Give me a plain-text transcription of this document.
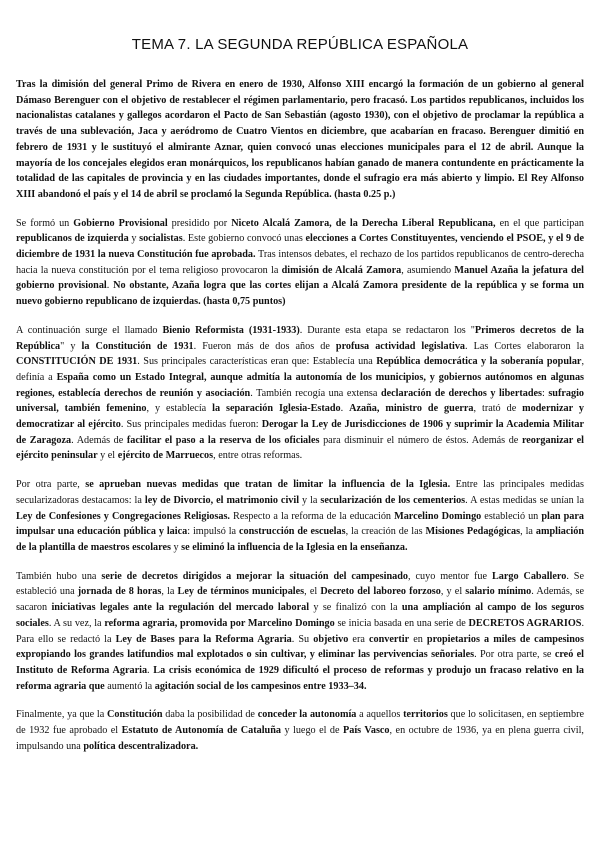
TEMA 7. LA SEGUNDA REPÚBLICA ESPAÑOLA

Tras la dimisión del general Primo de Rivera en enero de 1930, Alfonso XIII encargó la formación de un gobierno al general Dámaso Berenguer con el objetivo de restablecer el régimen parlamentario, pero fracasó. Los partidos republicanos, incluidos los nacionalistas catalanes y gallegos acordaron el Pacto de San Sebastián (agosto 1930), con el objetivo de proclamar la república a través de una sublevación, Jaca y aeródromo de Cuatro Vientos en diciembre, que acabarían en fracaso. Berenguer dimitió en febrero de 1931 y le sustituyó el almirante Aznar, quien convocó unas elecciones municipales para el 12 de abril. Aunque la mayoría de los concejales elegidos eran monárquicos, los republicanos habían ganado de manera contundente en prácticamente la totalidad de las capitales de provincia y en las ciudades importantes, donde el sufragio era más abierto y limpio. El Rey Alfonso XIII abandonó el país y el 14 de abril se proclamó la Segunda República. (hasta 0.25 p.)

Se formó un Gobierno Provisional presidido por Niceto Alcalá Zamora, de la Derecha Liberal Republicana, en el que participan republicanos de izquierda y socialistas. Este gobierno convocó unas elecciones a Cortes Constituyentes, venciendo el PSOE, y el 9 de diciembre de 1931 la nueva Constitución fue aprobada. Tras intensos debates, el rechazo de los partidos republicanos de centro-derecha hacia la nueva constitución por el tema religioso provocaron la dimisión de Alcalá Zamora, asumiendo Manuel Azaña la jefatura del gobierno provisional. No obstante, Azaña logra que las cortes elijan a Alcalá Zamora presidente de la república y se forma un nuevo gobierno republicano de izquierdas. (hasta 0,75 puntos)

A continuación surge el llamado Bienio Reformista (1931-1933). Durante esta etapa se redactaron los "Primeros decretos de la República" y la Constitución de 1931. Fueron más de dos años de profusa actividad legislativa. Las Cortes elaboraron la CONSTITUCIÓN DE 1931. Sus principales características eran que: Establecía una República democrática y la soberanía popular, definía a España como un Estado Integral, aunque admitía la autonomía de los municipios, y gobiernos autónomos en algunas regiones, establecía derechos de reunión y asociación. También recogía una extensa declaración de derechos y libertades: sufragio universal, también femenino, y establecía la separación Iglesia-Estado. Azaña, ministro de guerra, trató de modernizar y democratizar al ejército. Sus principales medidas fueron: Derogar la Ley de Jurisdicciones de 1906 y suprimir la Academia Militar de Zaragoza. Además de facilitar el paso a la reserva de los oficiales para disminuir el número de éstos. Además de reorganizar el ejército peninsular y el ejército de Marruecos, entre otras reformas.

Por otra parte, se aprueban nuevas medidas que tratan de limitar la influencia de la Iglesia. Entre las principales medidas secularizadoras destacamos: la ley de Divorcio, el matrimonio civil y la secularización de los cementerios. A estas medidas se unían la Ley de Confesiones y Congregaciones Religiosas. Respecto a la reforma de la educación Marcelino Domingo estableció un plan para impulsar una educación pública y laica: impulsó la construcción de escuelas, la creación de las Misiones Pedagógicas, la ampliación de la plantilla de maestros escolares y se eliminó la influencia de la Iglesia en la enseñanza.

También hubo una serie de decretos dirigidos a mejorar la situación del campesinado, cuyo mentor fue Largo Caballero. Se estableció una jornada de 8 horas, la Ley de términos municipales, el Decreto del laboreo forzoso, y el salario mínimo. Además, se sacaron iniciativas legales ante la regulación del mercado laboral y se finalizó con la una ampliación al campo de los seguros sociales. A su vez, la reforma agraria, promovida por Marcelino Domingo se inicia basada en una serie de DECRETOS AGRARIOS. Para ello se redactó la Ley de Bases para la Reforma Agraria. Su objetivo era convertir en propietarios a miles de campesinos expropiando los grandes latifundios mal explotados o sin cultivar, y eliminar las pervivencias señoriales. Por otra parte, se creó el Instituto de Reforma Agraria. La crisis económica de 1929 dificultó el proceso de reformas y produjo un fracaso relativo en la reforma agraria que aumentó la agitación social de los campesinos entre 1933–34.

Finalmente, ya que la Constitución daba la posibilidad de conceder la autonomía a aquellos territorios que lo solicitasen, en septiembre de 1932 fue aprobado el Estatuto de Autonomía de Cataluña y luego el de País Vasco, en octubre de 1936, ya en plena guerra civil, impulsando una política descentralizadora.
